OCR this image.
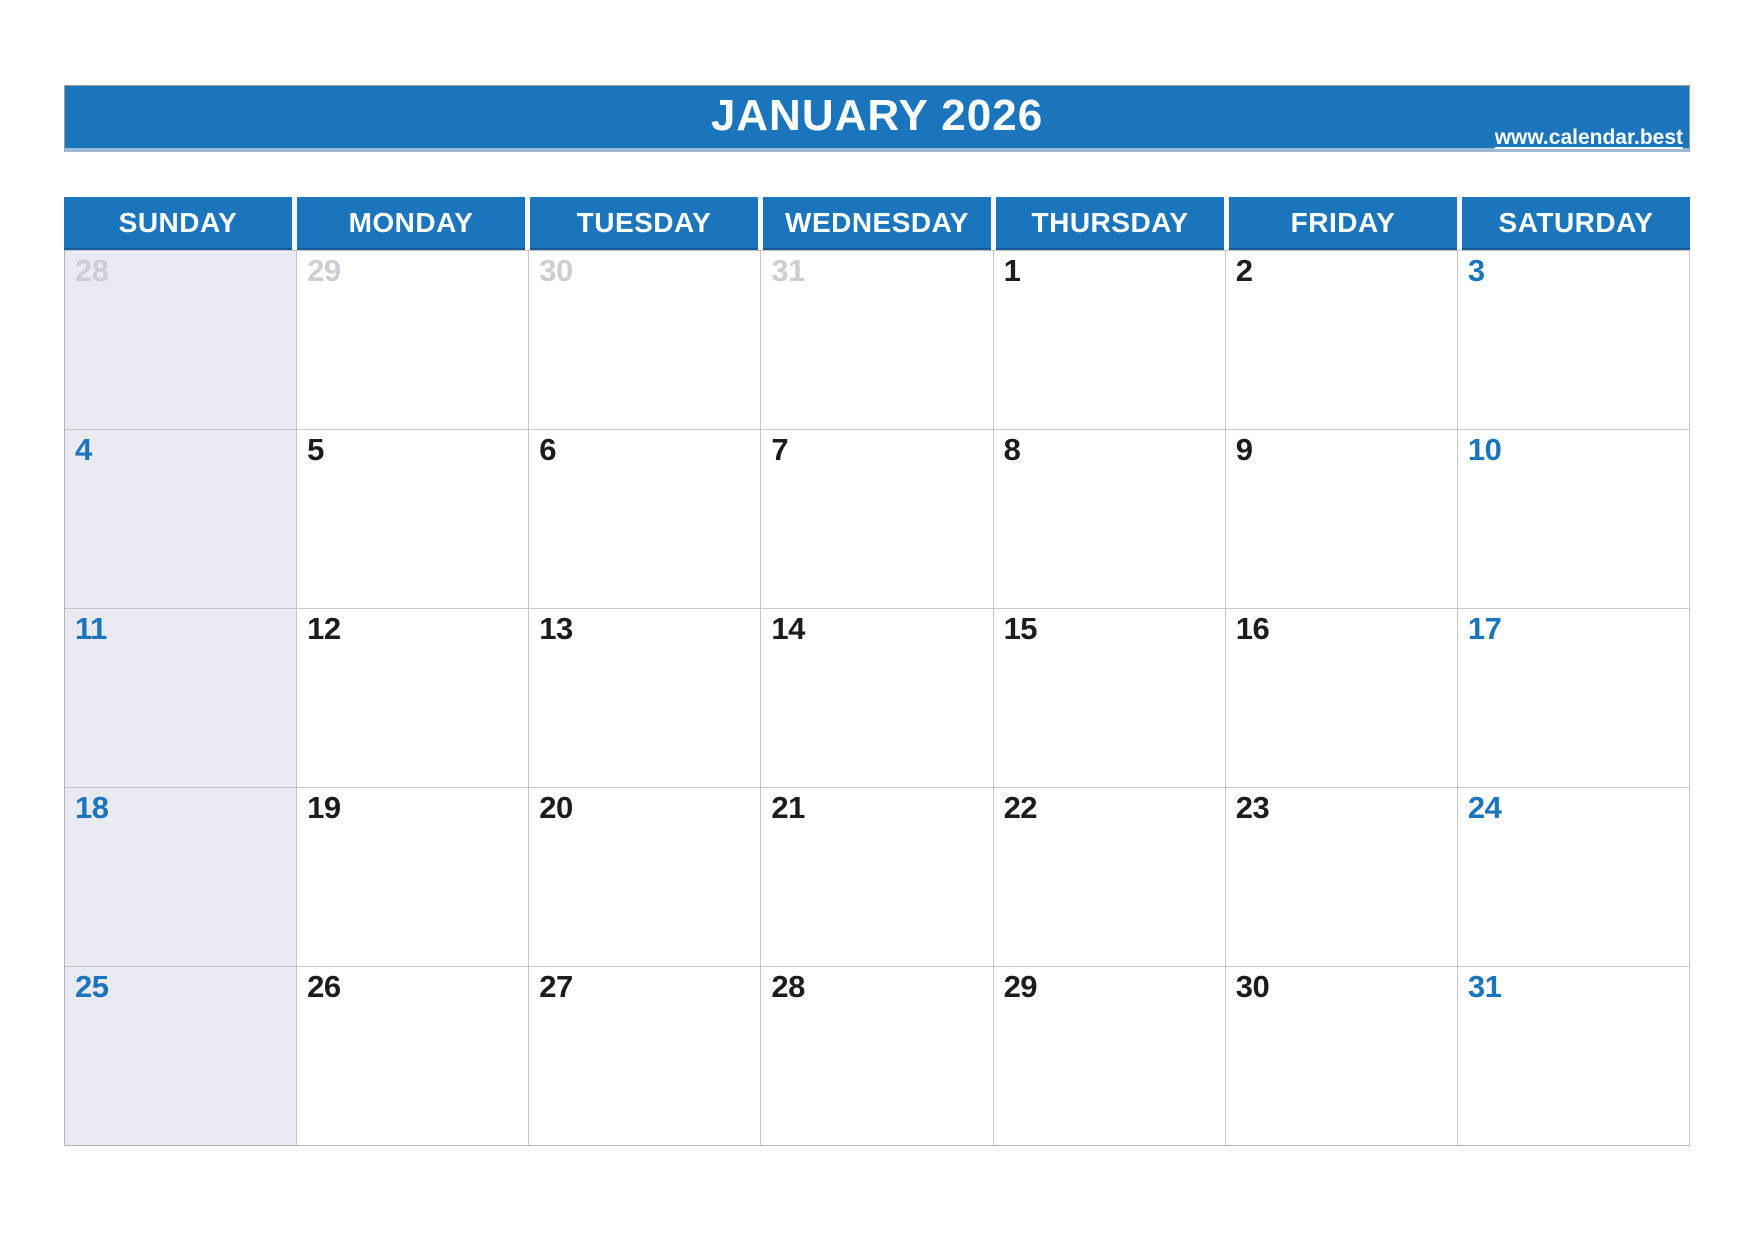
JANUARY 2026	www.calendar.best
SUNDAY	MONDAY	TUESDAY	WEDNESDAY	THURSDAY	FRIDAY	SATURDAY
28	29	30	31	1	2	3
4	5	6	7	8	9	10
11	12	13	14	15	16	17
18	19	20	21	22	23	24
25	26	27	28	29	30	31
